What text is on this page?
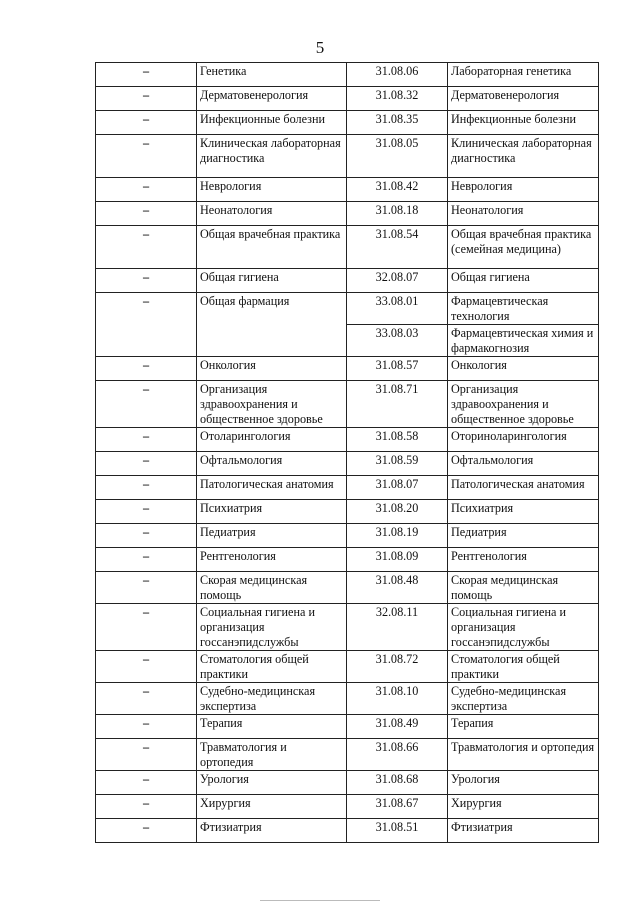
5
–	Генетика	31.08.06	Лабораторная генетика
–	Дерматовенерология	31.08.32	Дерматовенерология
–	Инфекционные болезни	31.08.35	Инфекционные болезни
–	Клиническая лабораторная диагностика	31.08.05	Клиническая лабораторная диагностика
–	Неврология	31.08.42	Неврология
–	Неонатология	31.08.18	Неонатология
–	Общая врачебная практика	31.08.54	Общая врачебная практика (семейная медицина)
–	Общая гигиена	32.08.07	Общая гигиена
–	Общая фармация	33.08.01	Фармацевтическая технология
		33.08.03	Фармацевтическая химия и фармакогнозия
–	Онкология	31.08.57	Онкология
–	Организация здравоохранения и общественное здоровье	31.08.71	Организация здравоохранения и общественное здоровье
–	Отоларингология	31.08.58	Оториноларингология
–	Офтальмология	31.08.59	Офтальмология
–	Патологическая анатомия	31.08.07	Патологическая анатомия
–	Психиатрия	31.08.20	Психиатрия
–	Педиатрия	31.08.19	Педиатрия
–	Рентгенология	31.08.09	Рентгенология
–	Скорая медицинская помощь	31.08.48	Скорая медицинская помощь
–	Социальная гигиена и организация госсанэпидслужбы	32.08.11	Социальная гигиена и организация госсанэпидслужбы
–	Стоматология общей практики	31.08.72	Стоматология общей практики
–	Судебно-медицинская экспертиза	31.08.10	Судебно-медицинская экспертиза
–	Терапия	31.08.49	Терапия
–	Травматология и ортопедия	31.08.66	Травматология и ортопедия
–	Урология	31.08.68	Урология
–	Хирургия	31.08.67	Хирургия
–	Фтизиатрия	31.08.51	Фтизиатрия
